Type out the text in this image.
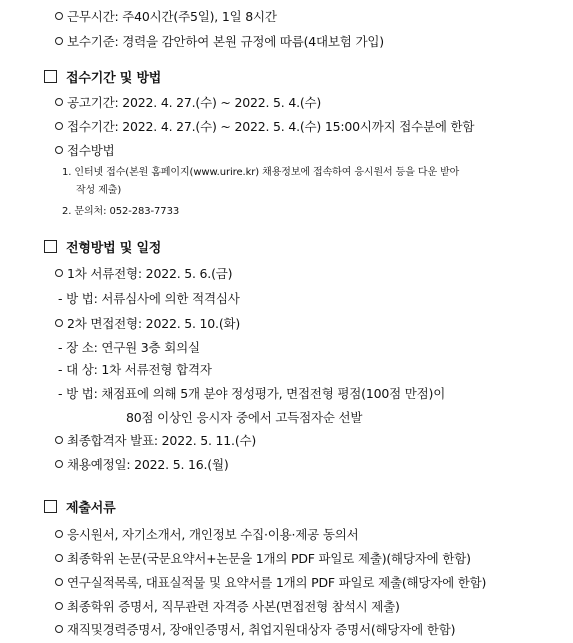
근무시간: 주40시간(주5일), 1일 8시간
보수기준: 경력을 감안하여 본원 규정에 따름(4대보험 가입)
접수기간 및 방법
공고기간: 2022. 4. 27.(수) ~ 2022. 5. 4.(수)
접수기간: 2022. 4. 27.(수) ~ 2022. 5. 4.(수) 15:00시까지 접수분에 한함
접수방법
1. 인터넷 접수(본원 홈페이지(www.urire.kr) 채용정보에 접속하여 응시원서 등을 다운 받아
작성 제출)
2. 문의처: 052-283-7733
전형방법 및 일정
1차 서류전형: 2022. 5. 6.(금)
- 방 법: 서류심사에 의한 적격심사
2차 면접전형: 2022. 5. 10.(화)
- 장 소: 연구원 3층 회의실
- 대 상: 1차 서류전형 합격자
- 방 법: 채점표에 의해 5개 분야 정성평가, 면접전형 평점(100점 만점)이
80점 이상인 응시자 중에서 고득점자순 선발
최종합격자 발표: 2022. 5. 11.(수)
채용예정일: 2022. 5. 16.(월)
제출서류
응시원서, 자기소개서, 개인정보 수집·이용·제공 동의서
최종학위 논문(국문요약서+논문을 1개의 PDF 파일로 제출)(해당자에 한함)
연구실적목록, 대표실적물 및 요약서를 1개의 PDF 파일로 제출(해당자에 한함)
최종학위 증명서, 직무관련 자격증 사본(면접전형 참석시 제출)
재직및경력증명서, 장애인증명서, 취업지원대상자 증명서(해당자에 한함)
